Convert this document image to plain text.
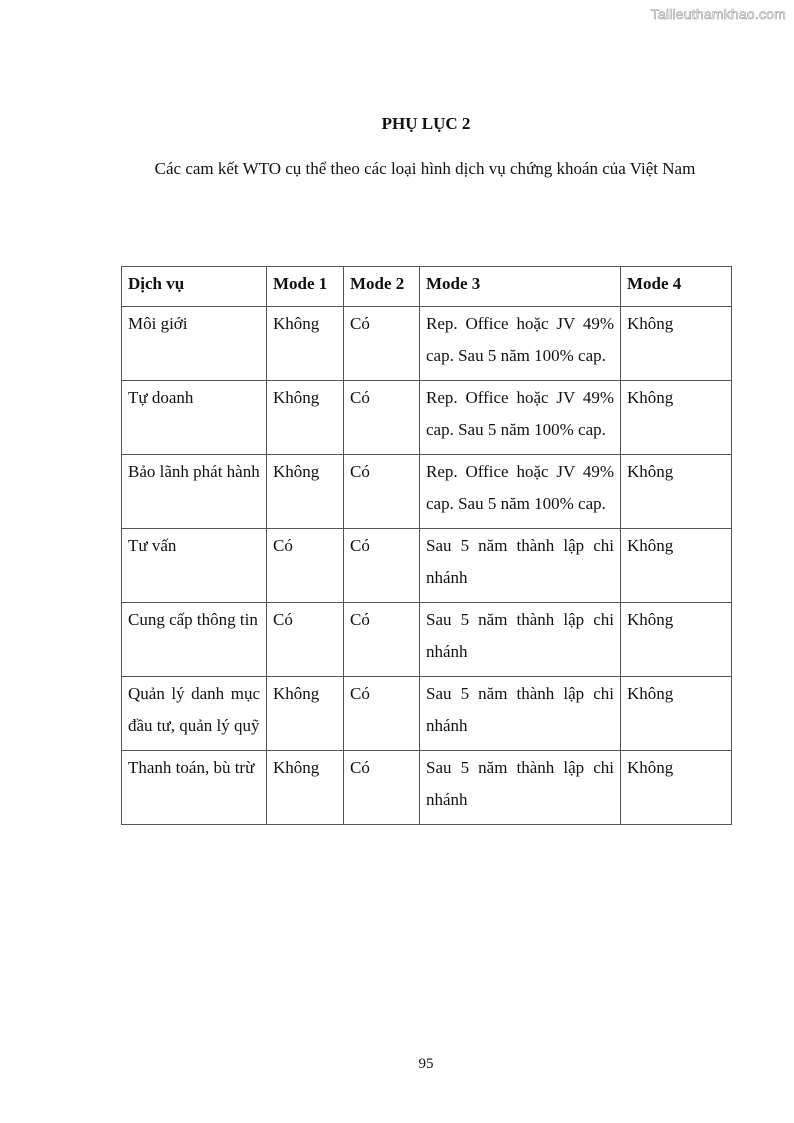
Tailieuthamkhao.com
PHỤ LỤC 2
Các cam kết WTO cụ thể theo các loại hình dịch vụ chứng khoán của Việt Nam
Dịch vụ	Mode 1	Mode 2	Mode 3	Mode 4
Môi giới	Không	Có	Rep. Office hoặc JV 49% cap. Sau 5 năm 100% cap.	Không
Tự doanh	Không	Có	Rep. Office hoặc JV 49% cap. Sau 5 năm 100% cap.	Không
Bảo lãnh phát hành	Không	Có	Rep. Office hoặc JV 49% cap. Sau 5 năm 100% cap.	Không
Tư vấn	Có	Có	Sau 5 năm thành lập chi nhánh	Không
Cung cấp thông tin	Có	Có	Sau 5 năm thành lập chi nhánh	Không
Quản lý danh mục đầu tư, quản lý quỹ	Không	Có	Sau 5 năm thành lập chi nhánh	Không
Thanh toán, bù trừ	Không	Có	Sau 5 năm thành lập chi nhánh	Không
95
